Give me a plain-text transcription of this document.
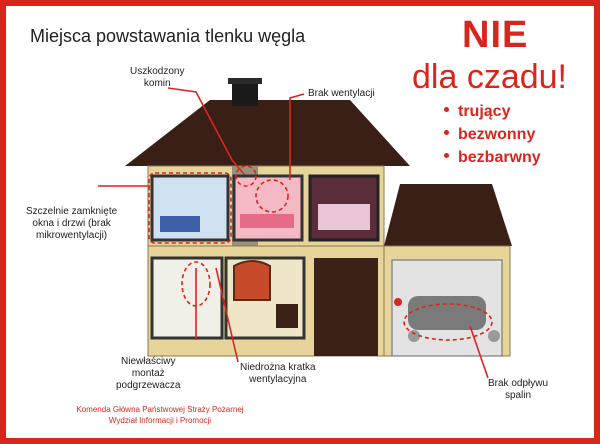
Miejsca powstawania tlenku węgla	NIE
dla czadu!
trujący
bezwonny
bezbarwny
Uszkodzony
komin
Brak wentylacji
Szczelnie zamknięte
okna i drzwi (brak
mikrowentylacji)
Niewłaściwy
montaż
podgrzewacza
Niedrożna kratka
wentylacyjna	Brak odpływu
spalin
Komenda Główna Państwowej Straży Pożarnej
Wydział Informacji i Promocji
